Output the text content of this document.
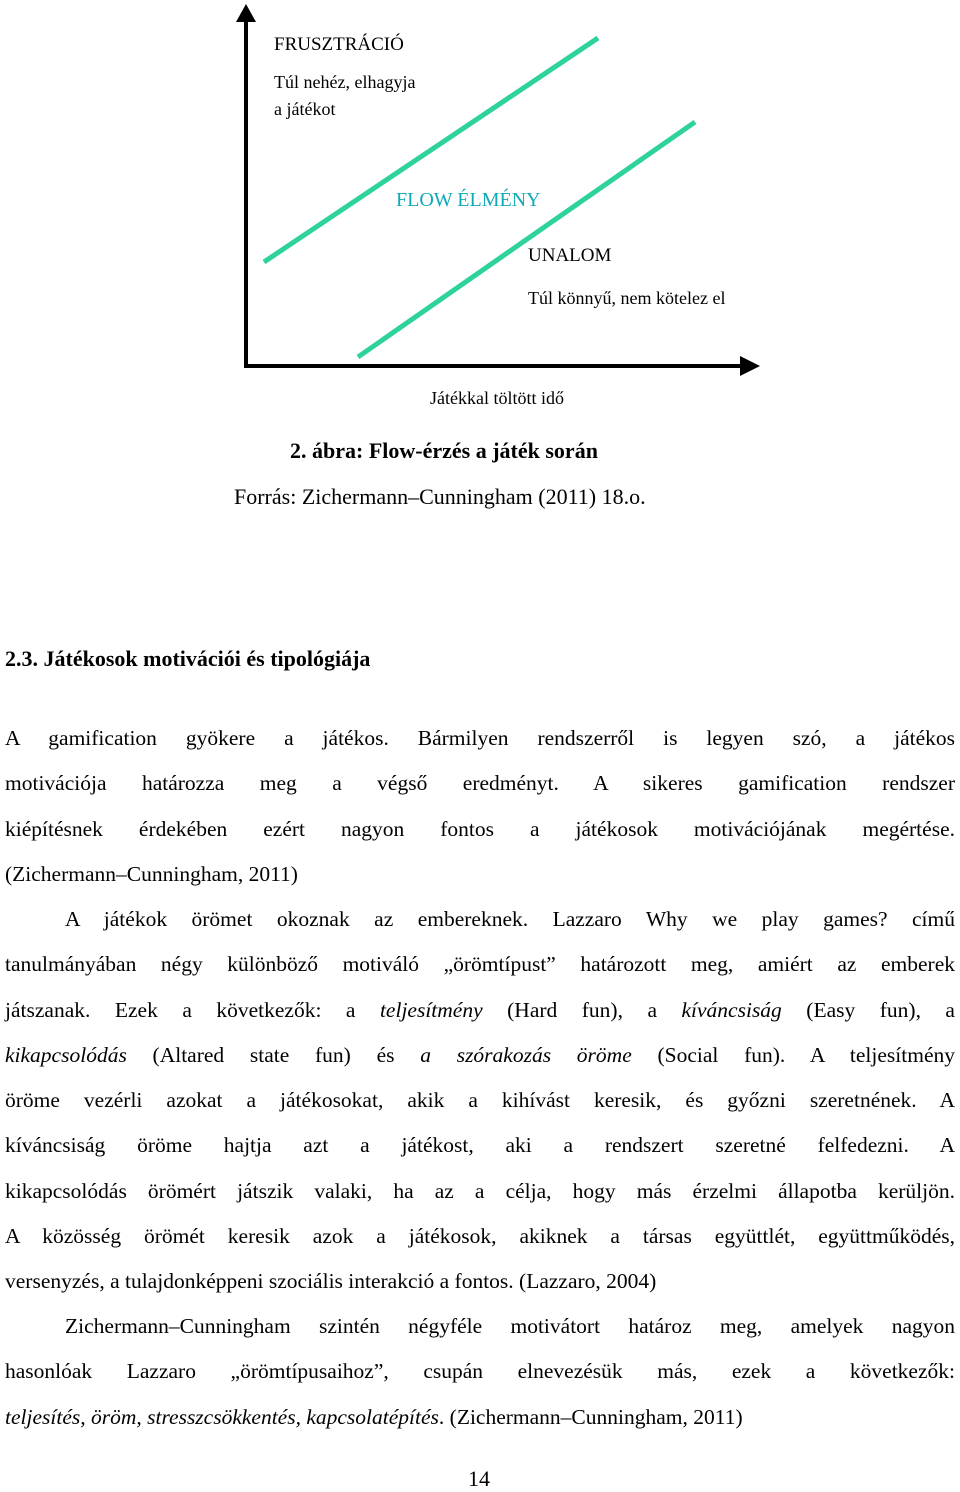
FRUSZTRÁCIÓ
Túl nehéz, elhagyja
a játékot
FLOW ÉLMÉNY
UNALOM
Túl könnyű, nem kötelez el
Játékkal töltött idő
2. ábra: Flow-érzés a játék során
Forrás: Zichermann–Cunningham (2011) 18.o.
2.3. Játékosok motivációi és tipológiája
A gamification gyökere a játékos. Bármilyen rendszerről is legyen szó, a játékos
motivációja határozza meg a végső eredményt. A sikeres gamification rendszer
kiépítésnek érdekében ezért nagyon fontos a játékosok motivációjának megértése.
(Zichermann–Cunningham, 2011)
A játékok örömet okoznak az embereknek. Lazzaro Why we play games? című
tanulmányában négy különböző motiváló „örömtípust” határozott meg, amiért az emberek
játszanak. Ezek a következők: a teljesítmény (Hard fun), a kíváncsiság (Easy fun), a
kikapcsolódás (Altared state fun) és a szórakozás öröme (Social fun). A teljesítmény
öröme vezérli azokat a játékosokat, akik a kihívást keresik, és győzni szeretnének. A
kíváncsiság öröme hajtja azt a játékost, aki a rendszert szeretné felfedezni. A
kikapcsolódás örömért játszik valaki, ha az a célja, hogy más érzelmi állapotba kerüljön.
A közösség örömét keresik azok a játékosok, akiknek a társas együttlét, együttműködés,
versenyzés, a tulajdonképpeni szociális interakció a fontos. (Lazzaro, 2004)
Zichermann–Cunningham szintén négyféle motivátort határoz meg, amelyek nagyon
hasonlóak Lazzaro „örömtípusaihoz”, csupán elnevezésük más, ezek a következők:
teljesítés, öröm, stresszcsökkentés, kapcsolatépítés. (Zichermann–Cunningham, 2011)
14
